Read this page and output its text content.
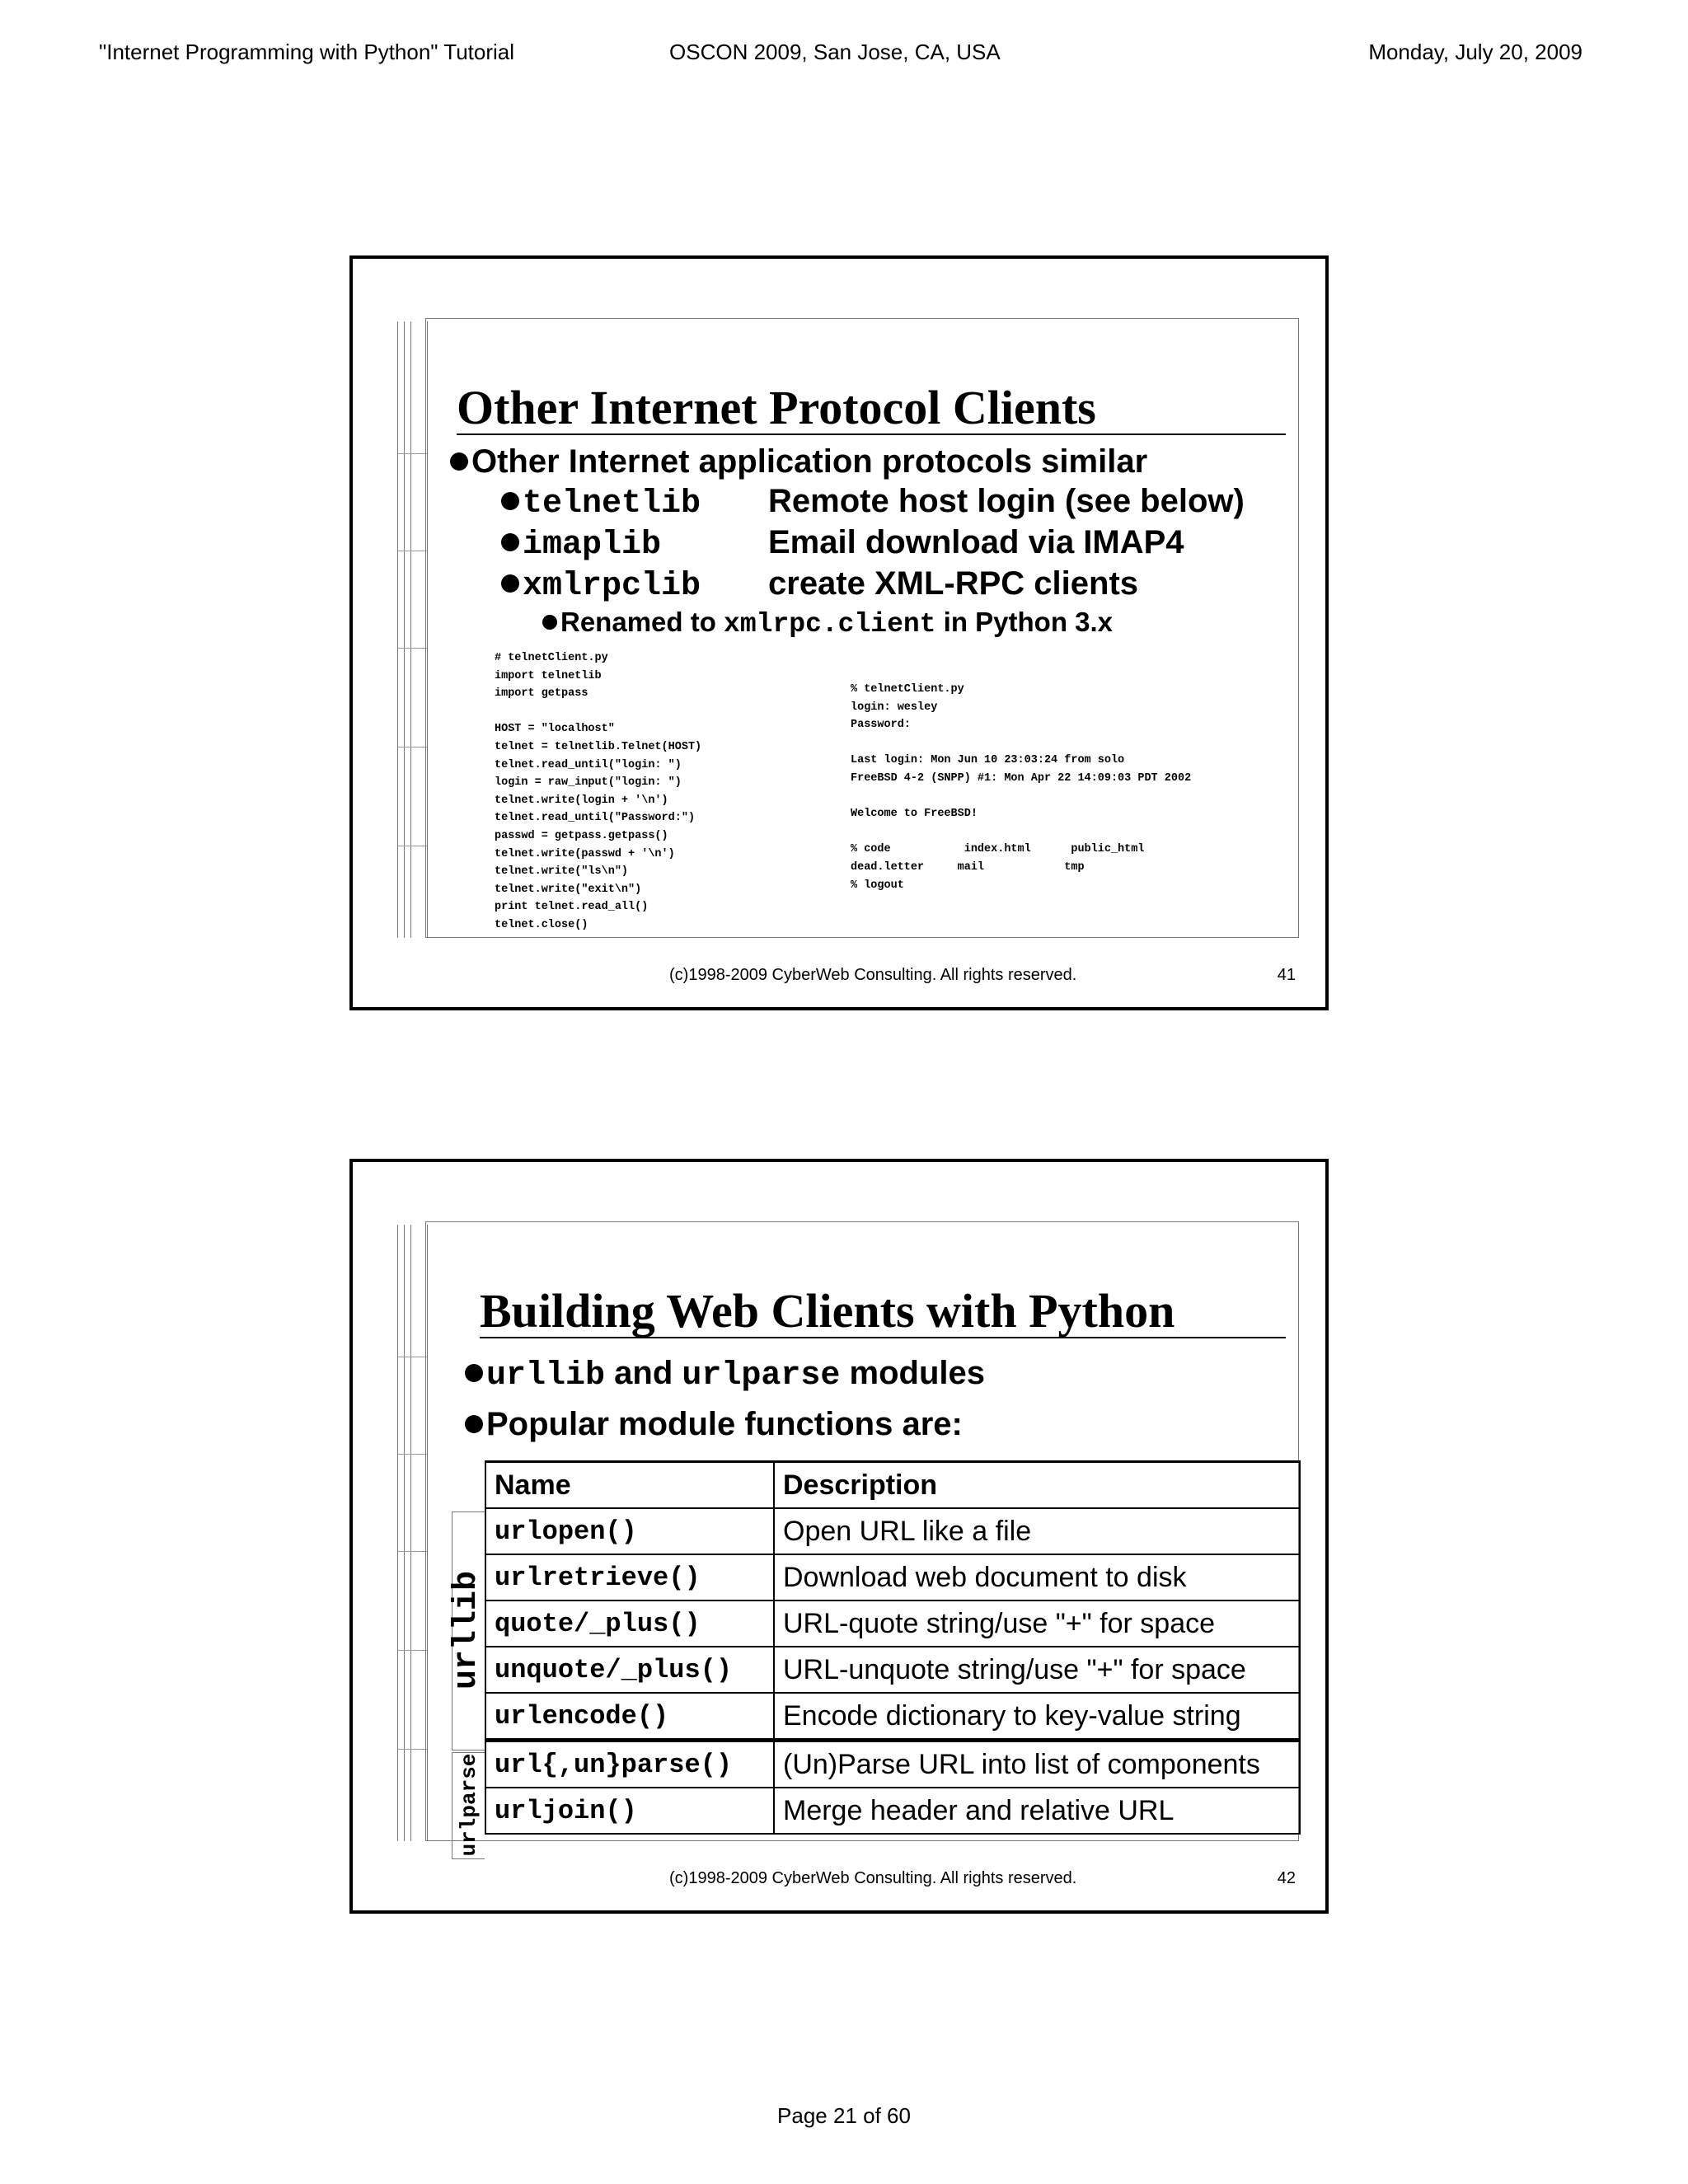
"Internet Programming with Python" Tutorial	OSCON 2009, San Jose, CA, USA	Monday, July 20, 2009
Other Internet Protocol Clients
Other Internet application protocols similar
telnetlib Remote host login (see below)
imaplib	Email download via IMAP4
xmlrpclib create XML-RPC clients
Renamed to xmlrpc.client in Python 3.x
# telnetClient.py
import telnetlib
import getpass

HOST = "localhost"
telnet = telnetlib.Telnet(HOST)
telnet.read_until("login: ")
login = raw_input("login: ")
telnet.write(login + '\n')
telnet.read_until("Password:")
passwd = getpass.getpass()
telnet.write(passwd + '\n')
telnet.write("ls\n")
telnet.write("exit\n")
print telnet.read_all()
telnet.close()
% telnetClient.py
login: wesley
Password:

Last login: Mon Jun 10 23:03:24 from solo
FreeBSD 4-2 (SNPP) #1: Mon Apr 22 14:09:03 PDT 2002

Welcome to FreeBSD!

% code           index.html      public_html
dead.letter     mail            tmp
% logout
(c)1998-2009 CyberWeb Consulting. All rights reserved.	41
Building Web Clients with Python
urllib and urlparse modules
Popular module functions are:
urllib
urlparse
Name	Description
urlopen()	Open URL like a file
urlretrieve()	Download web document to disk
quote/_plus()	URL-quote string/use "+" for space
unquote/_plus()	URL-unquote string/use "+" for space
urlencode()	Encode dictionary to key-value string
url{,un}parse()	(Un)Parse URL into list of components
urljoin()	Merge header and relative URL
(c)1998-2009 CyberWeb Consulting. All rights reserved.	42
Page 21 of 60
